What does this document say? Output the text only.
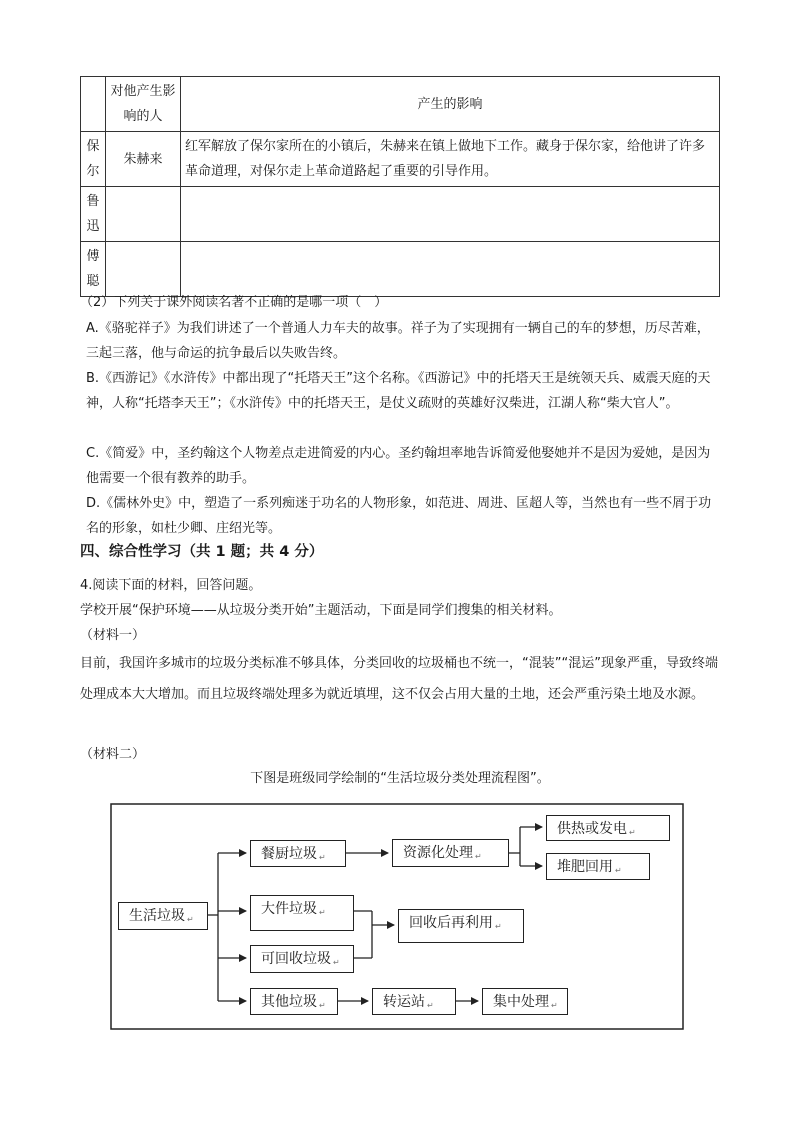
	对他产生影响的人	产生的影响
保尔	朱赫来	红军解放了保尔家所在的小镇后，朱赫来在镇上做地下工作。藏身于保尔家，给他讲了许多革命道理，对保尔走上革命道路起了重要的引导作用。
鲁迅		
傅聪		
（2）下列关于课外阅读名著不正确的是哪一项（　）
A.《骆驼祥子》为我们讲述了一个普通人力车夫的故事。祥子为了实现拥有一辆自己的车的梦想，历尽苦难，三起三落，他与命运的抗争最后以失败告终。
B.《西游记》《水浒传》中都出现了“托塔天王”这个名称。《西游记》中的托塔天王是统领天兵、威震天庭的天神，人称“托塔李天王”；《水浒传》中的托塔天王，是仗义疏财的英雄好汉柴进，江湖人称“柴大官人”。
C.《简爱》中，圣约翰这个人物差点走进简爱的内心。圣约翰坦率地告诉简爱他娶她并不是因为爱她，是因为他需要一个很有教养的助手。
D.《儒林外史》中，塑造了一系列痴迷于功名的人物形象，如范进、周进、匡超人等，当然也有一些不屑于功名的形象，如杜少卿、庄绍光等。
四、综合性学习（共 1 题；共 4 分）
4.阅读下面的材料，回答问题。
学校开展“保护环境——从垃圾分类开始”主题活动，下面是同学们搜集的相关材料。
（材料一）
目前，我国许多城市的垃圾分类标准不够具体，分类回收的垃圾桶也不统一，“混装”“混运”现象严重，导致终端处理成本大大增加。而且垃圾终端处理多为就近填埋，这不仅会占用大量的土地，还会严重污染土地及水源。
（材料二）
下图是班级同学绘制的“生活垃圾分类处理流程图”。
生活垃圾 ↵
餐厨垃圾 ↵	资源化处理 ↵
供热或发电 ↵
堆肥回用 ↵
大件垃圾 ↵
回收后再利用 ↵
可回收垃圾 ↵
其他垃圾 ↵	转运站 ↵	集中处理 ↵
